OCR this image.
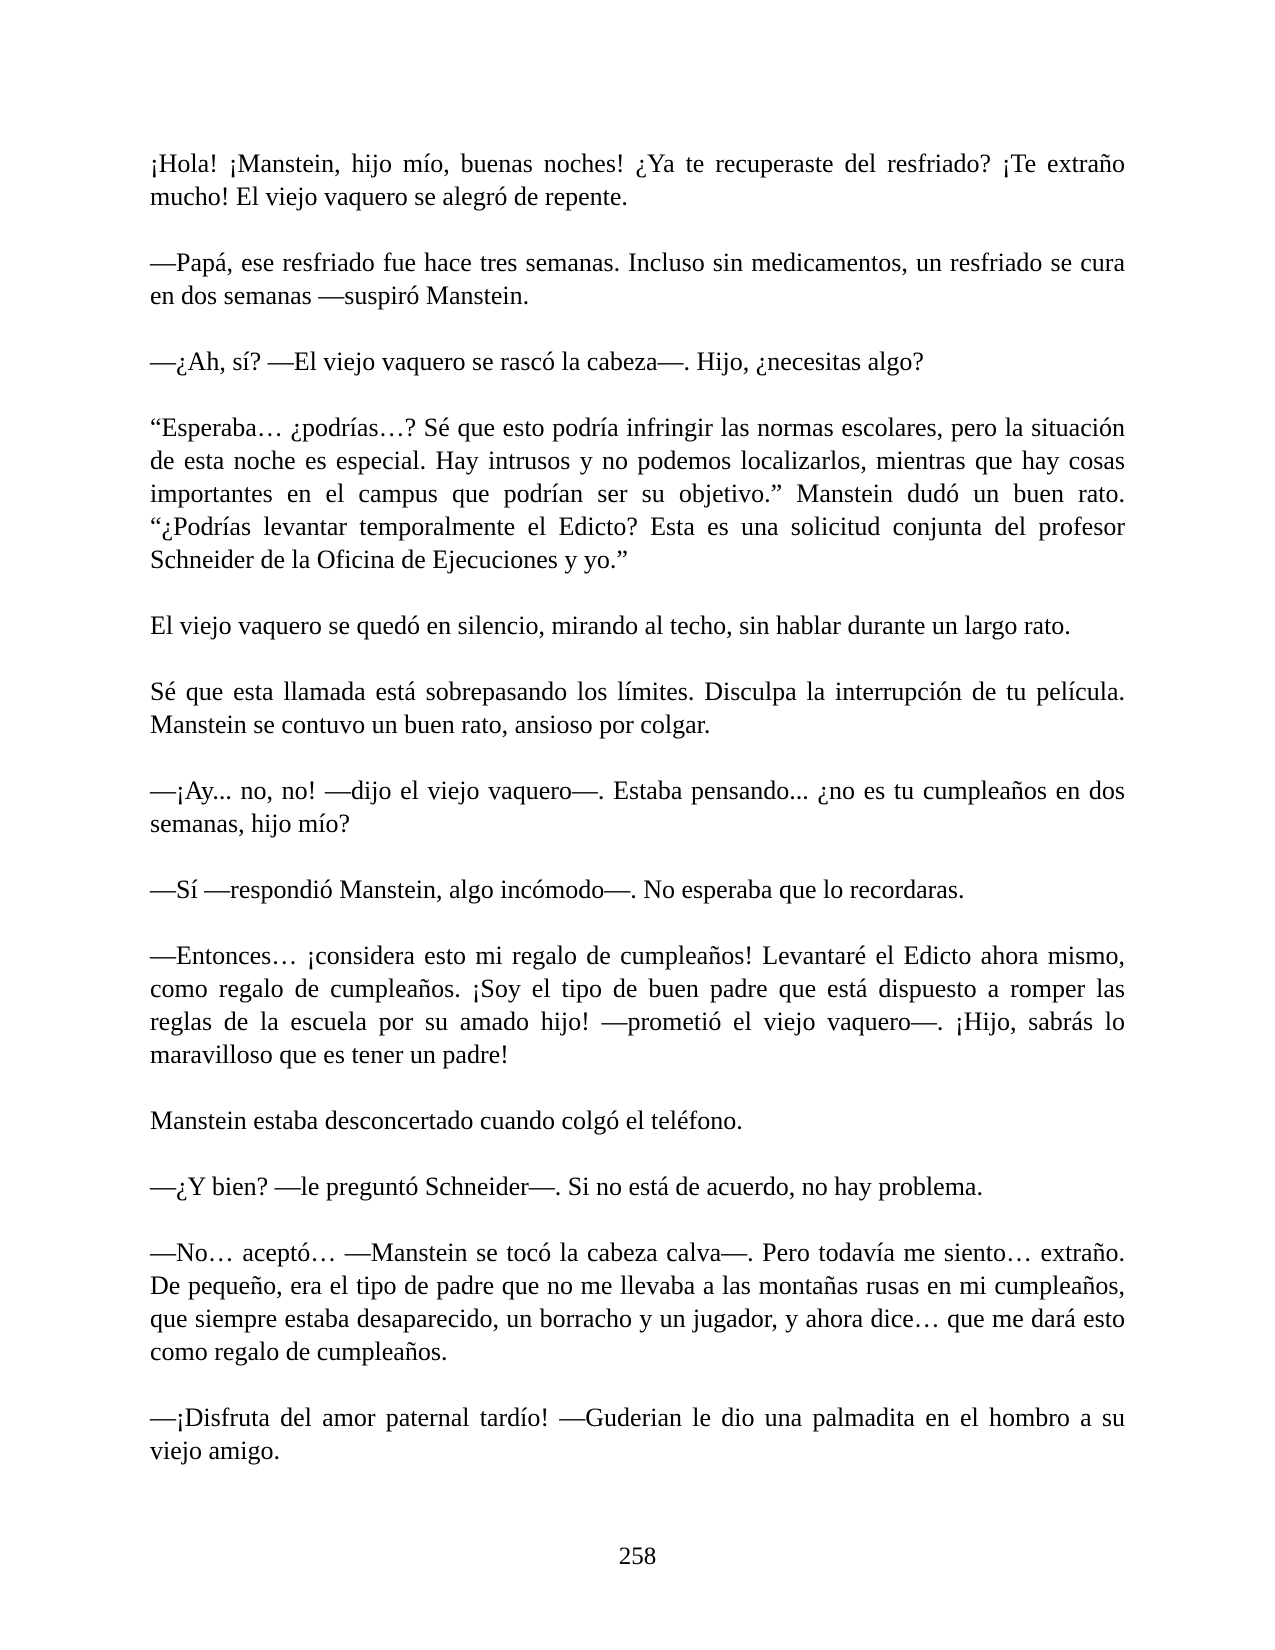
¡Hola! ¡Manstein, hijo mío, buenas noches! ¿Ya te recuperaste del resfriado? ¡Te extraño mucho! El viejo vaquero se alegró de repente.

—Papá, ese resfriado fue hace tres semanas. Incluso sin medicamentos, un resfriado se cura en dos semanas —suspiró Manstein.

—¿Ah, sí? —El viejo vaquero se rascó la cabeza—. Hijo, ¿necesitas algo?

“Esperaba… ¿podrías…? Sé que esto podría infringir las normas escolares, pero la situación de esta noche es especial. Hay intrusos y no podemos localizarlos, mientras que hay cosas importantes en el campus que podrían ser su objetivo.” Manstein dudó un buen rato. “¿Podrías levantar temporalmente el Edicto? Esta es una solicitud conjunta del profesor Schneider de la Oficina de Ejecuciones y yo.”

El viejo vaquero se quedó en silencio, mirando al techo, sin hablar durante un largo rato.

Sé que esta llamada está sobrepasando los límites. Disculpa la interrupción de tu película. Manstein se contuvo un buen rato, ansioso por colgar.

—¡Ay... no, no! —dijo el viejo vaquero—. Estaba pensando... ¿no es tu cumpleaños en dos semanas, hijo mío?

—Sí —respondió Manstein, algo incómodo—. No esperaba que lo recordaras.

—Entonces… ¡considera esto mi regalo de cumpleaños! Levantaré el Edicto ahora mismo, como regalo de cumpleaños. ¡Soy el tipo de buen padre que está dispuesto a romper las reglas de la escuela por su amado hijo! —prometió el viejo vaquero—. ¡Hijo, sabrás lo maravilloso que es tener un padre!

Manstein estaba desconcertado cuando colgó el teléfono.

—¿Y bien? —le preguntó Schneider—. Si no está de acuerdo, no hay problema.

—No… aceptó… —Manstein se tocó la cabeza calva—. Pero todavía me siento… extraño. De pequeño, era el tipo de padre que no me llevaba a las montañas rusas en mi cumpleaños, que siempre estaba desaparecido, un borracho y un jugador, y ahora dice… que me dará esto como regalo de cumpleaños.

—¡Disfruta del amor paternal tardío! —Guderian le dio una palmadita en el hombro a su viejo amigo.

258
